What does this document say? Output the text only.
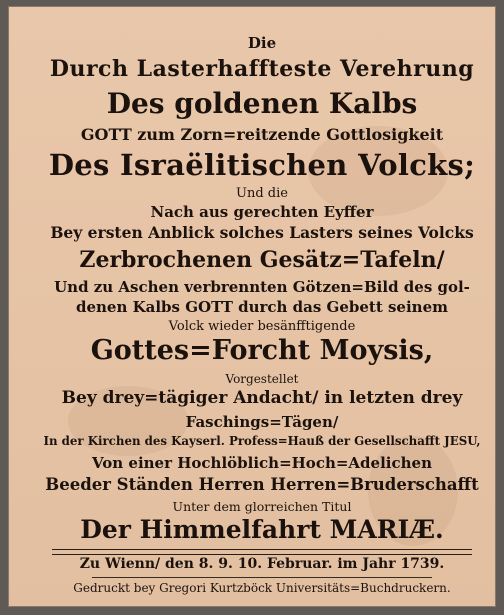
Die
Durch Lasterhaffteste Verehrung
Des goldenen Kalbs
GOTT zum Zorn=reitzende Gottlosigkeit
Des Israëlitischen Volcks;
Und die
Nach aus gerechten Eyffer
Bey ersten Anblick solches Lasters seines Volcks
Zerbrochenen Gesätz=Tafeln/
Und zu Aschen verbrennten Götzen=Bild des gol-
denen Kalbs GOTT durch das Gebett seinem
Volck wieder besänfftigende
Gottes=Forcht Moysis,
Vorgestellet
Bey drey=tägiger Andacht/ in letzten drey
Faschings=Tägen/
In der Kirchen des Kayserl. Profess=Hauß der Gesellschafft JESU,
Von einer Hochlöblich=Hoch=Adelichen
Beeder Ständen Herren Herren=Bruderschafft
Unter dem glorreichen Titul
Der Himmelfahrt MARIÆ.
Zu Wienn/ den 8. 9. 10. Februar. im Jahr 1739.
Gedruckt bey Gregori Kurtzböck Universitäts=Buchdruckern.
